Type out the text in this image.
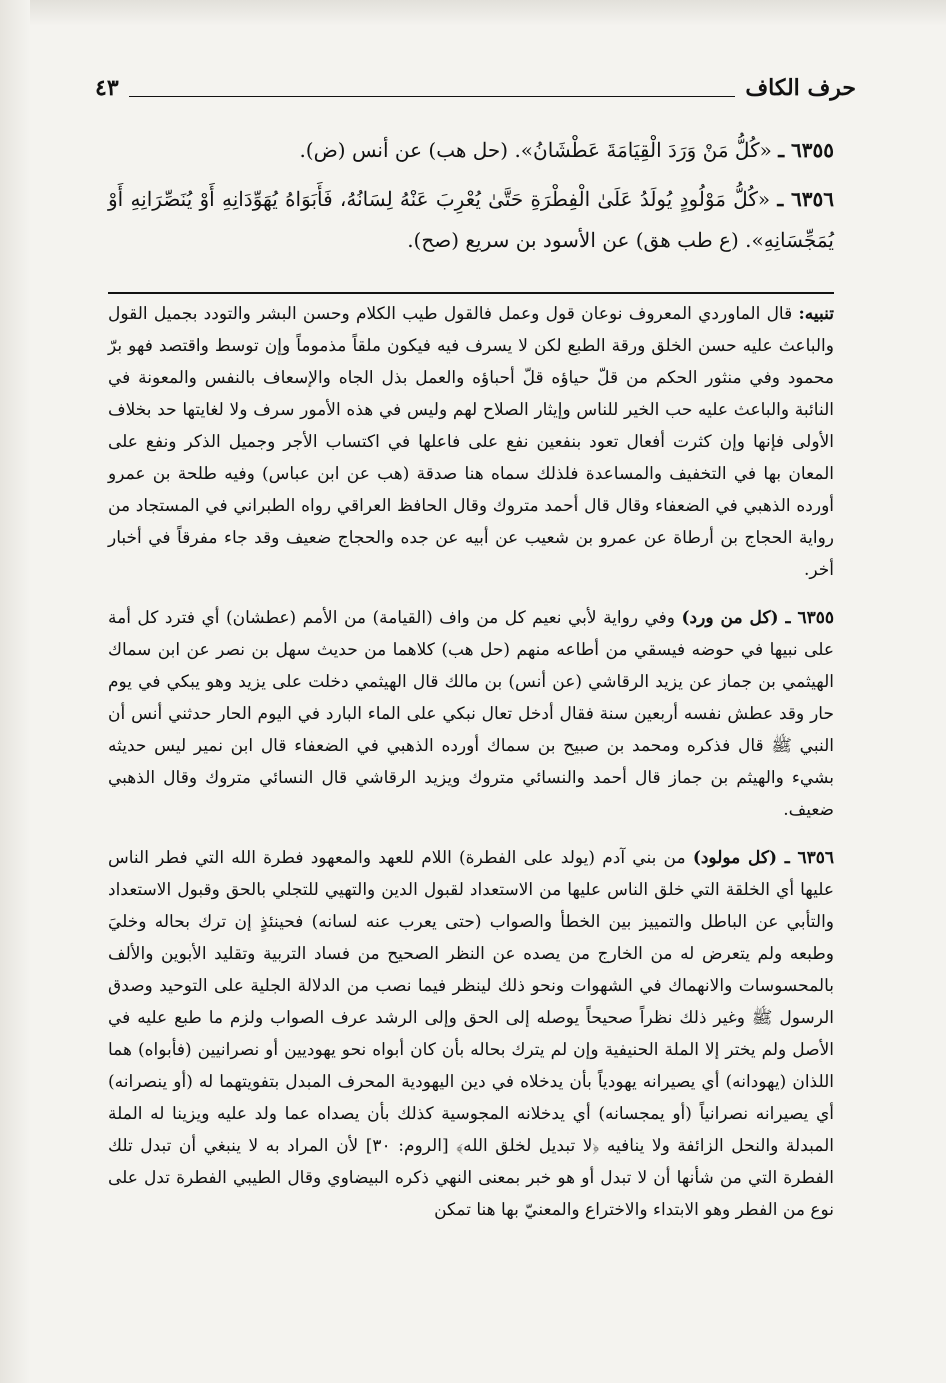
حرف الكاف
٤٣

٦٣٥٥ ـ «كُلُّ مَنْ وَرَدَ الْقِيَامَةَ عَطْشَانُ». (حل هب) عن أنس (ض).

٦٣٥٦ ـ «كُلُّ مَوْلُودٍ يُولَدُ عَلَىٰ الْفِطْرَةِ حَتَّىٰ يُعْرِبَ عَنْهُ لِسَانُهُ، فَأَبَوَاهُ يُهَوِّدَانِهِ أَوْ يُنَصِّرَانِهِ أَوْ يُمَجِّسَانِهِ». (ع طب هق) عن الأسود بن سريع (صح).

تنبيه: قال الماوردي المعروف نوعان قول وعمل فالقول طيب الكلام وحسن البشر والتودد بجميل القول والباعث عليه حسن الخلق ورقة الطبع لكن لا يسرف فيه فيكون ملقاً مذموماً وإن توسط واقتصد فهو برّ محمود وفي منثور الحكم من قلّ حياؤه قلّ أحباؤه والعمل بذل الجاه والإسعاف بالنفس والمعونة في النائبة والباعث عليه حب الخير للناس وإيثار الصلاح لهم وليس في هذه الأمور سرف ولا لغايتها حد بخلاف الأولى فإنها وإن كثرت أفعال تعود بنفعين نفع على فاعلها في اكتساب الأجر وجميل الذكر ونفع على المعان بها في التخفيف والمساعدة فلذلك سماه هنا صدقة (هب عن ابن عباس) وفيه طلحة بن عمرو أورده الذهبي في الضعفاء وقال قال أحمد متروك وقال الحافظ العراقي رواه الطبراني في المستجاد من رواية الحجاج بن أرطاة عن عمرو بن شعيب عن أبيه عن جده والحجاج ضعيف وقد جاء مفرقاً في أخبار أخر.

٦٣٥٥ ـ (كل من ورد) وفي رواية لأبي نعيم كل من واف (القيامة) من الأمم (عطشان) أي فترد كل أمة على نبيها في حوضه فيسقي من أطاعه منهم (حل هب) كلاهما من حديث سهل بن نصر عن ابن سماك الهيثمي بن جماز عن يزيد الرقاشي (عن أنس) بن مالك قال الهيثمي دخلت على يزيد وهو يبكي في يوم حار وقد عطش نفسه أربعين سنة فقال أدخل تعال نبكي على الماء البارد في اليوم الحار حدثني أنس أن النبي ﷺ قال فذكره ومحمد بن صبيح بن سماك أورده الذهبي في الضعفاء قال ابن نمير ليس حديثه بشيء والهيثم بن جماز قال أحمد والنسائي متروك ويزيد الرقاشي قال النسائي متروك وقال الذهبي ضعيف.

٦٣٥٦ ـ (كل مولود) من بني آدم (يولد على الفطرة) اللام للعهد والمعهود فطرة الله التي فطر الناس عليها أي الخلقة التي خلق الناس عليها من الاستعداد لقبول الدين والتهيي للتجلي بالحق وقبول الاستعداد والتأبي عن الباطل والتمييز بين الخطأ والصواب (حتى يعرب عنه لسانه) فحينئذٍ إن ترك بحاله وخليَ وطبعه ولم يتعرض له من الخارج من يصده عن النظر الصحيح من فساد التربية وتقليد الأبوين والألف بالمحسوسات والانهماك في الشهوات ونحو ذلك لينظر فيما نصب من الدلالة الجلية على التوحيد وصدق الرسول ﷺ وغير ذلك نظراً صحيحاً يوصله إلى الحق وإلى الرشد عرف الصواب ولزم ما طبع عليه في الأصل ولم يختر إلا الملة الحنيفية وإن لم يترك بحاله بأن كان أبواه نحو يهوديين أو نصرانيين (فأبواه) هما اللذان (يهودانه) أي يصيرانه يهودياً بأن يدخلاه في دين اليهودية المحرف المبدل بتفويتهما له (أو ينصرانه) أي يصيرانه نصرانياً (أو يمجسانه) أي يدخلانه المجوسية كذلك بأن يصداه عما ولد عليه ويزينا له الملة المبدلة والنحل الزائفة ولا ينافيه ﴿لا تبديل لخلق الله﴾ [الروم: ٣٠] لأن المراد به لا ينبغي أن تبدل تلك الفطرة التي من شأنها أن لا تبدل أو هو خبر بمعنى النهي ذكره البيضاوي وقال الطيبي الفطرة تدل على نوع من الفطر وهو الابتداء والاختراع والمعنيّ بها هنا تمكن
